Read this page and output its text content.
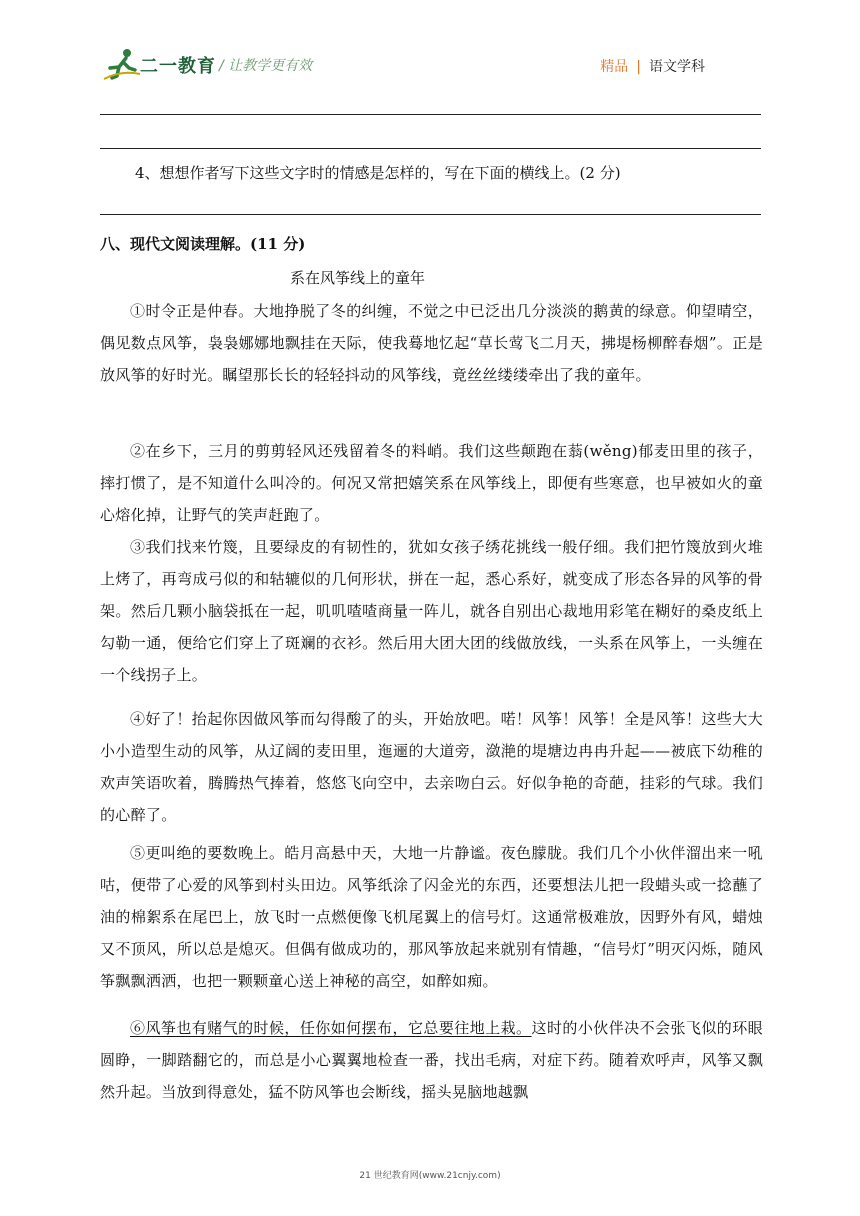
二一教育 / 让教学更有效	精品 | 语文学科
4、想想作者写下这些文字时的情感是怎样的，写在下面的横线上。(2 分)
八、现代文阅读理解。(11 分)
系在风筝线上的童年
①时令正是仲春。大地挣脱了冬的纠缠，不觉之中已泛出几分淡淡的鹅黄的绿意。仰望晴空，偶见数点风筝，袅袅娜娜地飘挂在天际，使我蓦地忆起“草长莺飞二月天，拂堤杨柳醉春烟”。正是放风筝的好时光。瞩望那长长的轻轻抖动的风筝线，竟丝丝缕缕牵出了我的童年。
②在乡下，三月的剪剪轻风还残留着冬的料峭。我们这些颠跑在蓊(wěng)郁麦田里的孩子，摔打惯了，是不知道什么叫冷的。何况又常把嬉笑系在风筝线上，即便有些寒意，也早被如火的童心熔化掉，让野气的笑声赶跑了。
③我们找来竹篾，且要绿皮的有韧性的，犹如女孩子绣花挑线一般仔细。我们把竹篾放到火堆上烤了，再弯成弓似的和轱辘似的几何形状，拼在一起，悉心系好，就变成了形态各异的风筝的骨架。然后几颗小脑袋抵在一起，叽叽喳喳商量一阵儿，就各自别出心裁地用彩笔在糊好的桑皮纸上勾勒一通，便给它们穿上了斑斓的衣衫。然后用大团大团的线做放线，一头系在风筝上，一头缠在一个线拐子上。
④好了！抬起你因做风筝而勾得酸了的头，开始放吧。喏！风筝！风筝！全是风筝！这些大大小小造型生动的风筝，从辽阔的麦田里，迤逦的大道旁，潋滟的堤塘边冉冉升起——被底下幼稚的欢声笑语吹着，腾腾热气捧着，悠悠飞向空中，去亲吻白云。好似争艳的奇葩，挂彩的气球。我们的心醉了。
⑤更叫绝的要数晚上。皓月高悬中天，大地一片静谧。夜色朦胧。我们几个小伙伴溜出来一吼咕，便带了心爱的风筝到村头田边。风筝纸涂了闪金光的东西，还要想法儿把一段蜡头或一捻蘸了油的棉絮系在尾巴上，放飞时一点燃便像飞机尾翼上的信号灯。这通常极难放，因野外有风，蜡烛又不顶风，所以总是熄灭。但偶有做成功的，那风筝放起来就别有情趣，“信号灯”明灭闪烁，随风筝飘飘洒洒，也把一颗颗童心送上神秘的高空，如醉如痴。
⑥风筝也有赌气的时候，任你如何摆布，它总要往地上栽。这时的小伙伴决不会张飞似的环眼圆睁，一脚踏翻它的，而总是小心翼翼地检查一番，找出毛病，对症下药。随着欢呼声，风筝又飘然升起。当放到得意处，猛不防风筝也会断线，摇头晃脑地越飘
21 世纪教育网(www.21cnjy.com)
